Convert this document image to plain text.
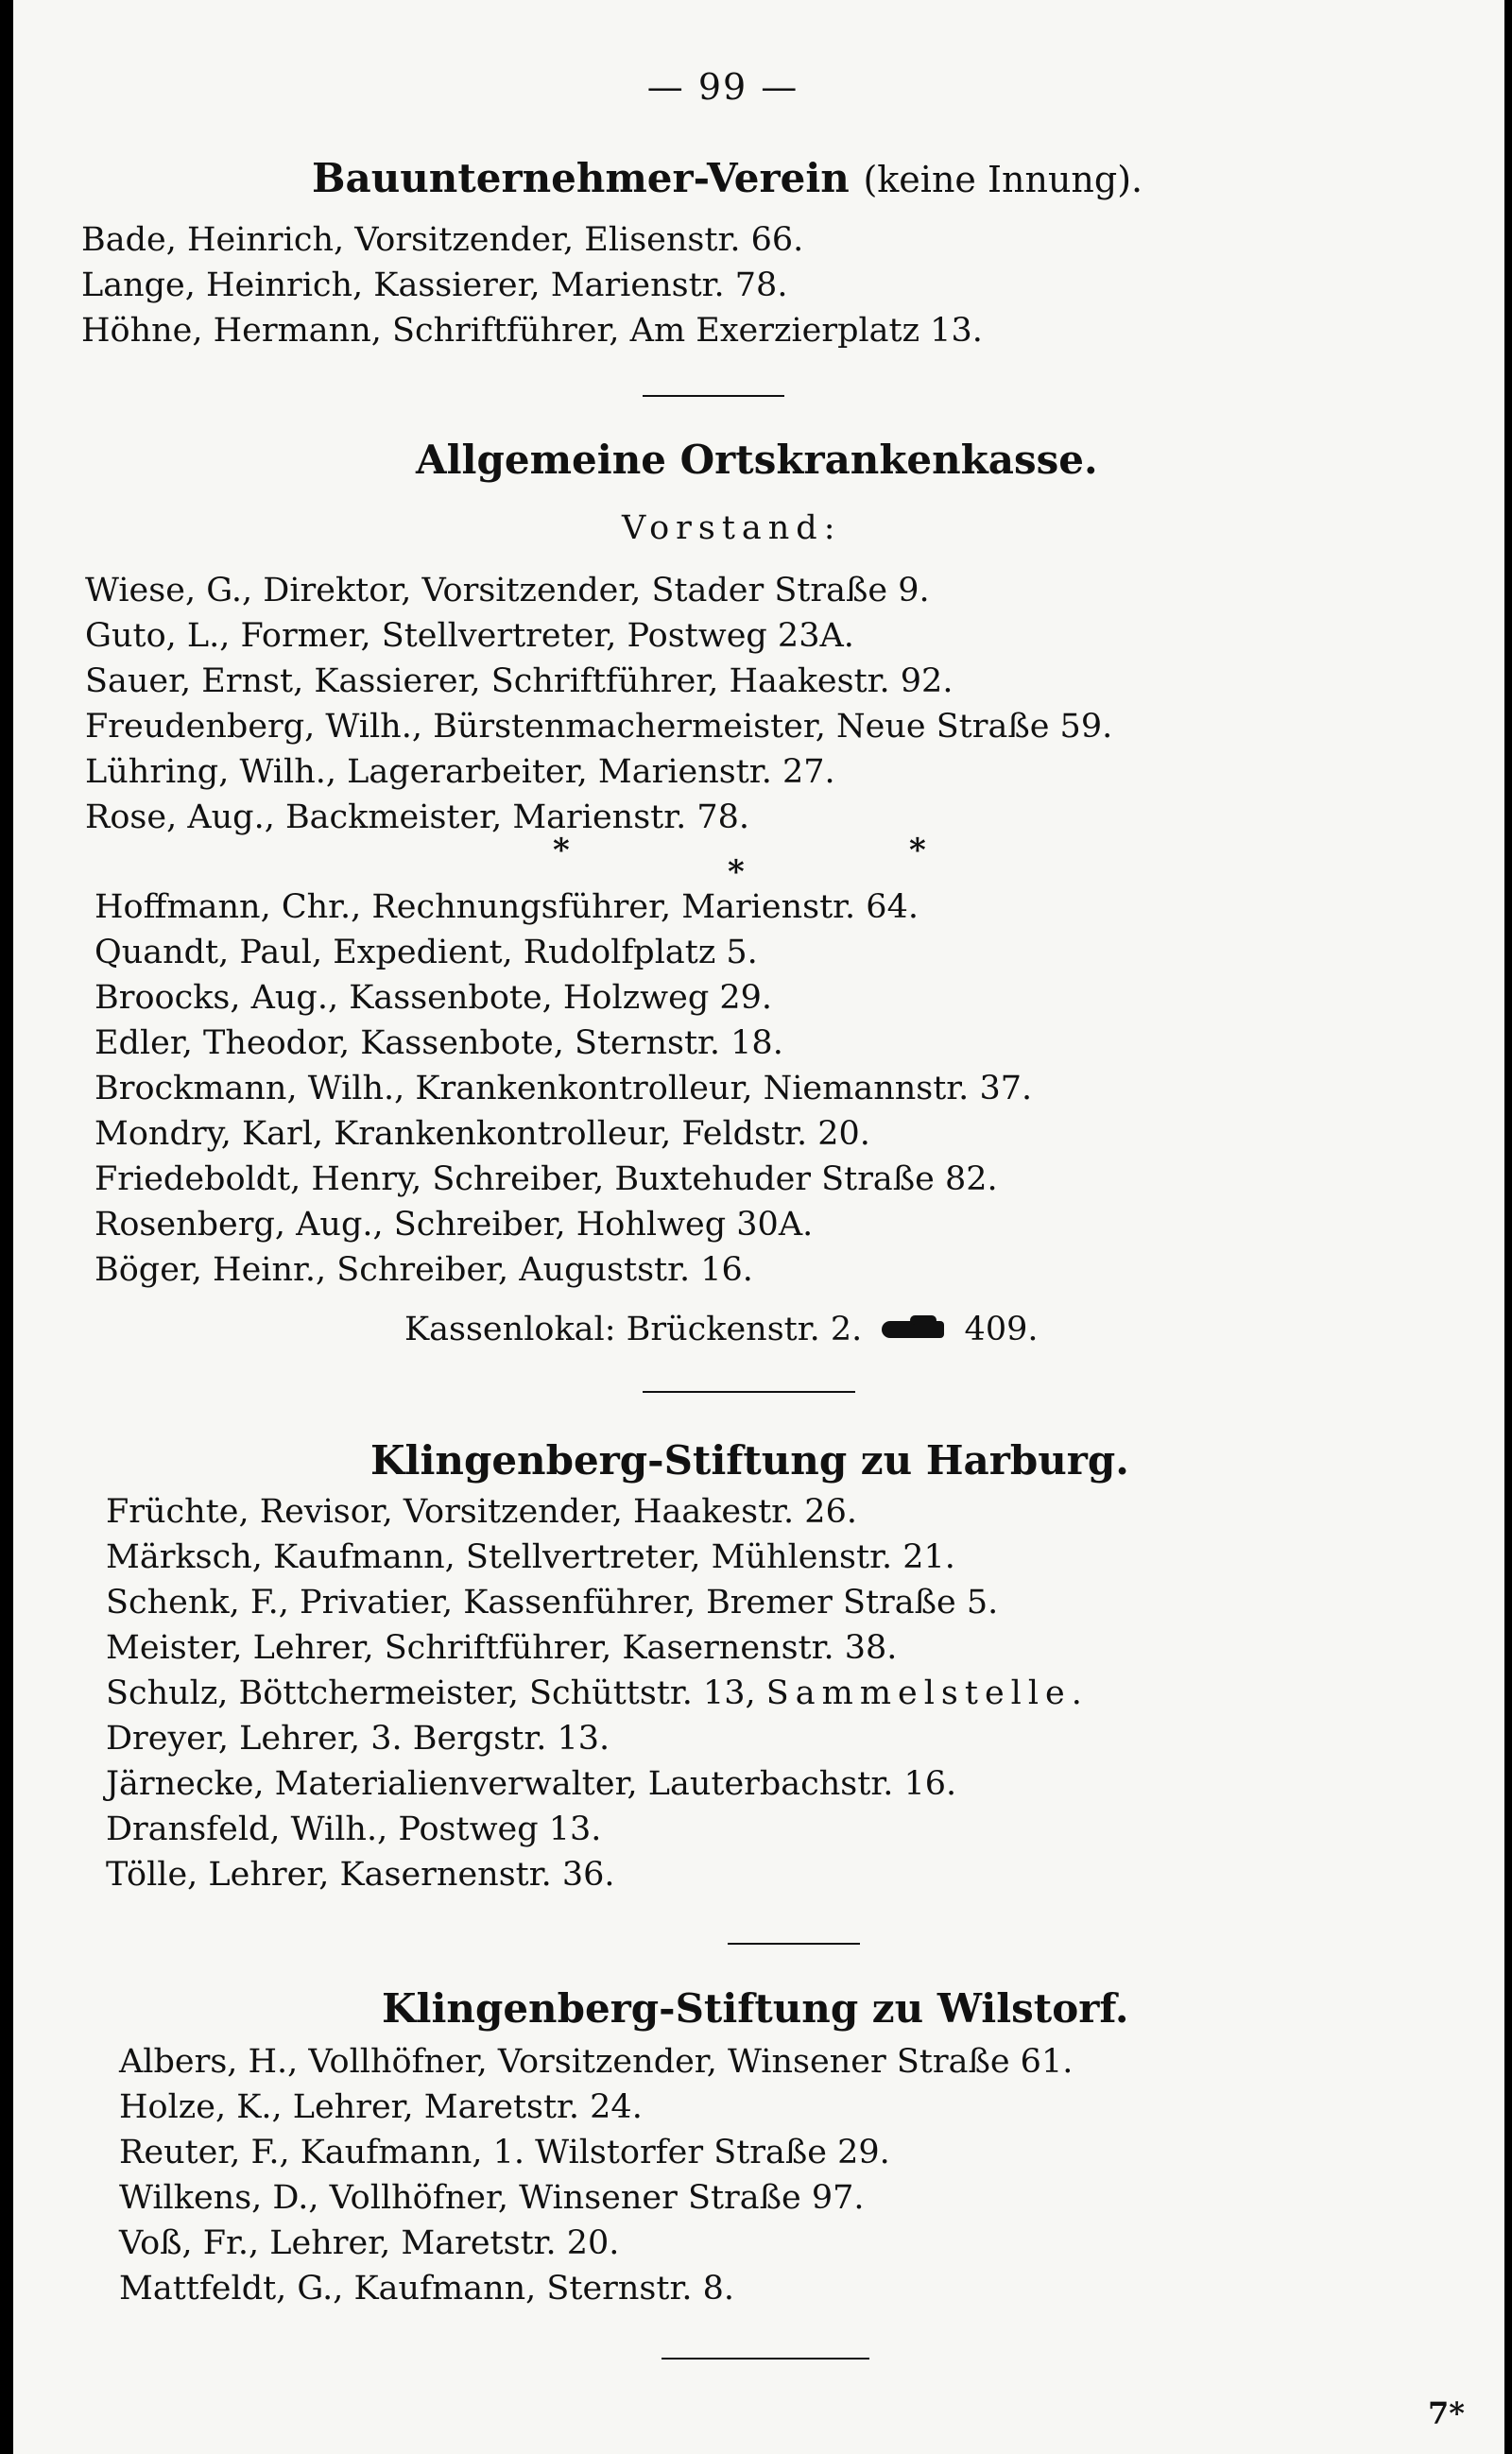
— 99 —
Bauunternehmer-Verein (keine Innung).
Bade, Heinrich, Vorsitzender, Elisenstr. 66.
Lange, Heinrich, Kassierer, Marienstr. 78.
Höhne, Hermann, Schriftführer, Am Exerzierplatz 13.
Allgemeine Ortskrankenkasse.
Vorstand:
Wiese, G., Direktor, Vorsitzender, Stader Straße 9.
Guto, L., Former, Stellvertreter, Postweg 23A.
Sauer, Ernst, Kassierer, Schriftführer, Haakestr. 92.
Freudenberg, Wilh., Bürstenmachermeister, Neue Straße 59.
Lühring, Wilh., Lagerarbeiter, Marienstr. 27.
Rose, Aug., Backmeister, Marienstr. 78.
*
*
*
Hoffmann, Chr., Rechnungsführer, Marienstr. 64.
Quandt, Paul, Expedient, Rudolfplatz 5.
Broocks, Aug., Kassenbote, Holzweg 29.
Edler, Theodor, Kassenbote, Sternstr. 18.
Brockmann, Wilh., Krankenkontrolleur, Niemannstr. 37.
Mondry, Karl, Krankenkontrolleur, Feldstr. 20.
Friedeboldt, Henry, Schreiber, Buxtehuder Straße 82.
Rosenberg, Aug., Schreiber, Hohlweg 30A.
Böger, Heinr., Schreiber, Auguststr. 16.
Kassenlokal: Brückenstr. 2.	409.
Klingenberg-Stiftung zu Harburg.
Früchte, Revisor, Vorsitzender, Haakestr. 26.
Märksch, Kaufmann, Stellvertreter, Mühlenstr. 21.
Schenk, F., Privatier, Kassenführer, Bremer Straße 5.
Meister, Lehrer, Schriftführer, Kasernenstr. 38.
Schulz, Böttchermeister, Schüttstr. 13, Sammelstelle.
Dreyer, Lehrer, 3. Bergstr. 13.
Järnecke, Materialienverwalter, Lauterbachstr. 16.
Dransfeld, Wilh., Postweg 13.
Tölle, Lehrer, Kasernenstr. 36.
Klingenberg-Stiftung zu Wilstorf.
Albers, H., Vollhöfner, Vorsitzender, Winsener Straße 61.
Holze, K., Lehrer, Maretstr. 24.
Reuter, F., Kaufmann, 1. Wilstorfer Straße 29.
Wilkens, D., Vollhöfner, Winsener Straße 97.
Voß, Fr., Lehrer, Maretstr. 20.
Mattfeldt, G., Kaufmann, Sternstr. 8.
7*
